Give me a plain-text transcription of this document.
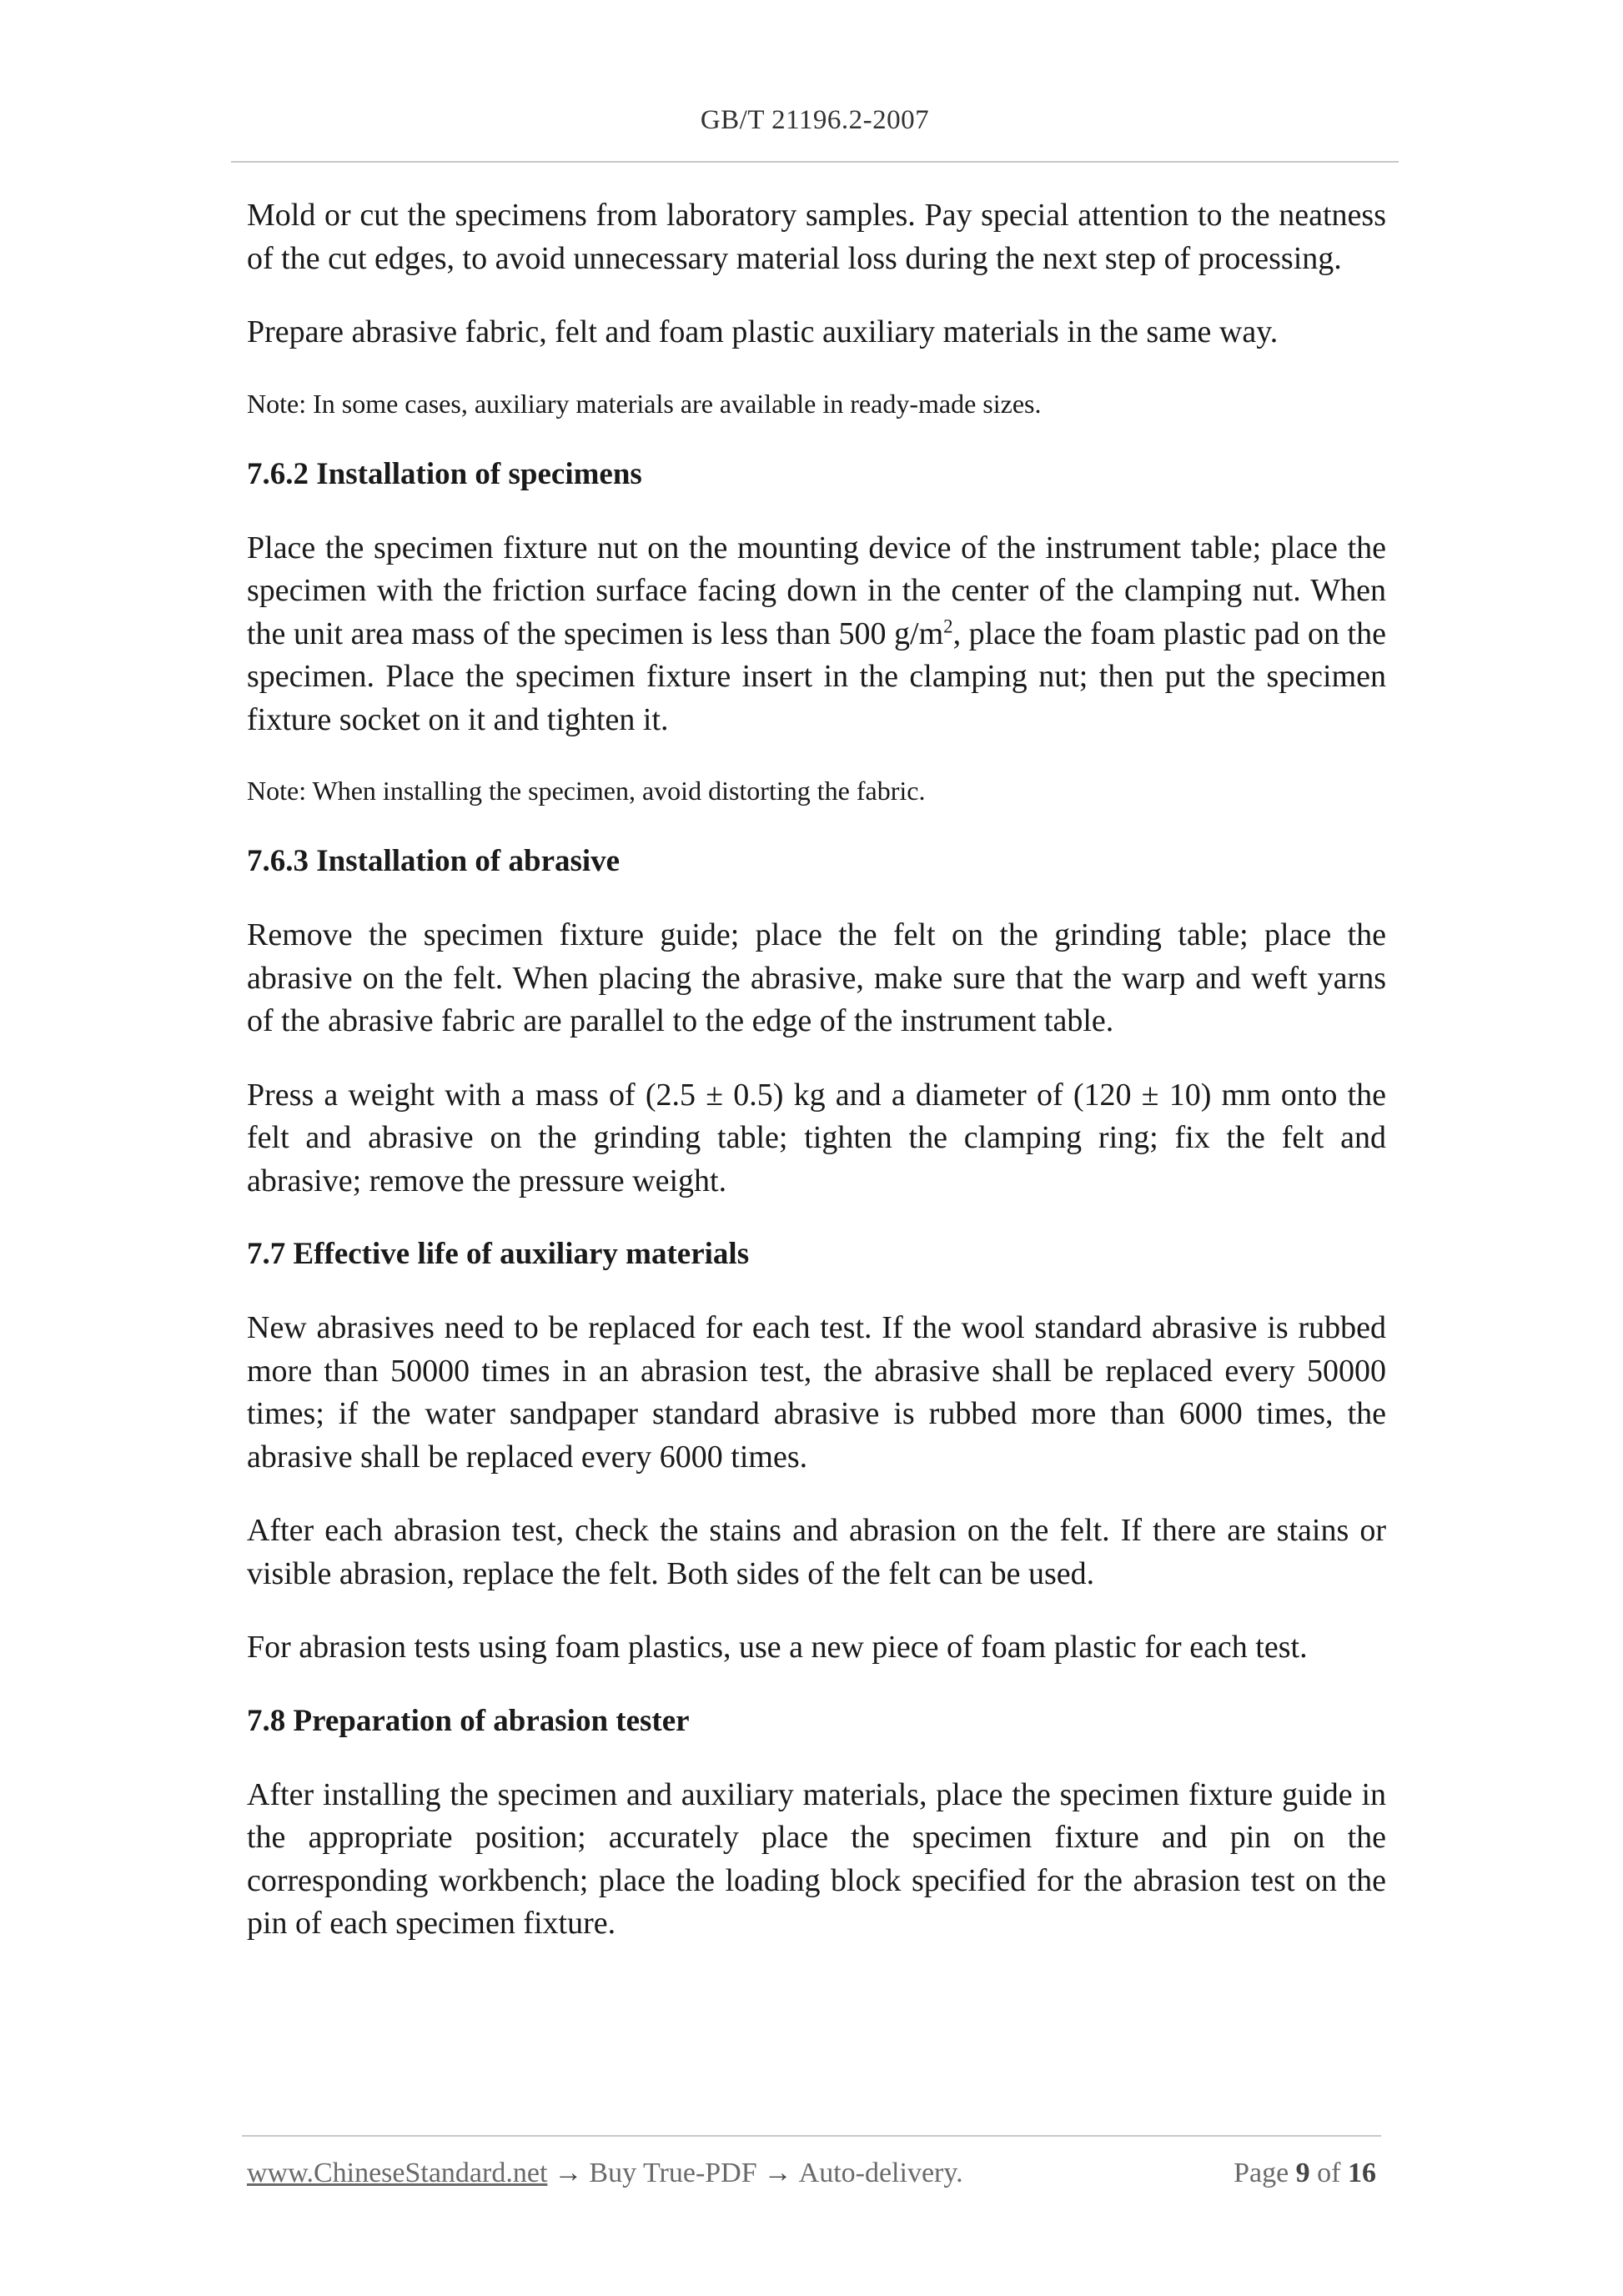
GB/T 21196.2-2007

Mold or cut the specimens from laboratory samples. Pay special attention to the neatness of the cut edges, to avoid unnecessary material loss during the next step of processing.

Prepare abrasive fabric, felt and foam plastic auxiliary materials in the same way.

Note: In some cases, auxiliary materials are available in ready-made sizes.

7.6.2 Installation of specimens

Place the specimen fixture nut on the mounting device of the instrument table; place the specimen with the friction surface facing down in the center of the clamping nut. When the unit area mass of the specimen is less than 500 $g/m^2$, place the foam plastic pad on the specimen. Place the specimen fixture insert in the clamping nut; then put the specimen fixture socket on it and tighten it.

Note: When installing the specimen, avoid distorting the fabric.

7.6.3 Installation of abrasive

Remove the specimen fixture guide; place the felt on the grinding table; place the abrasive on the felt. When placing the abrasive, make sure that the warp and weft yarns of the abrasive fabric are parallel to the edge of the instrument table.

Press a weight with a mass of (2.5 ± 0.5) kg and a diameter of (120 ± 10) mm onto the felt and abrasive on the grinding table; tighten the clamping ring; fix the felt and abrasive; remove the pressure weight.

7.7 Effective life of auxiliary materials

New abrasives need to be replaced for each test. If the wool standard abrasive is rubbed more than 50000 times in an abrasion test, the abrasive shall be replaced every 50000 times; if the water sandpaper standard abrasive is rubbed more than 6000 times, the abrasive shall be replaced every 6000 times.

After each abrasion test, check the stains and abrasion on the felt. If there are stains or visible abrasion, replace the felt. Both sides of the felt can be used.

For abrasion tests using foam plastics, use a new piece of foam plastic for each test.

7.8 Preparation of abrasion tester

After installing the specimen and auxiliary materials, place the specimen fixture guide in the appropriate position; accurately place the specimen fixture and pin on the corresponding workbench; place the loading block specified for the abrasion test on the pin of each specimen fixture.

www.ChineseStandard.net → Buy True-PDF → Auto-delivery.	Page 9 of 16
